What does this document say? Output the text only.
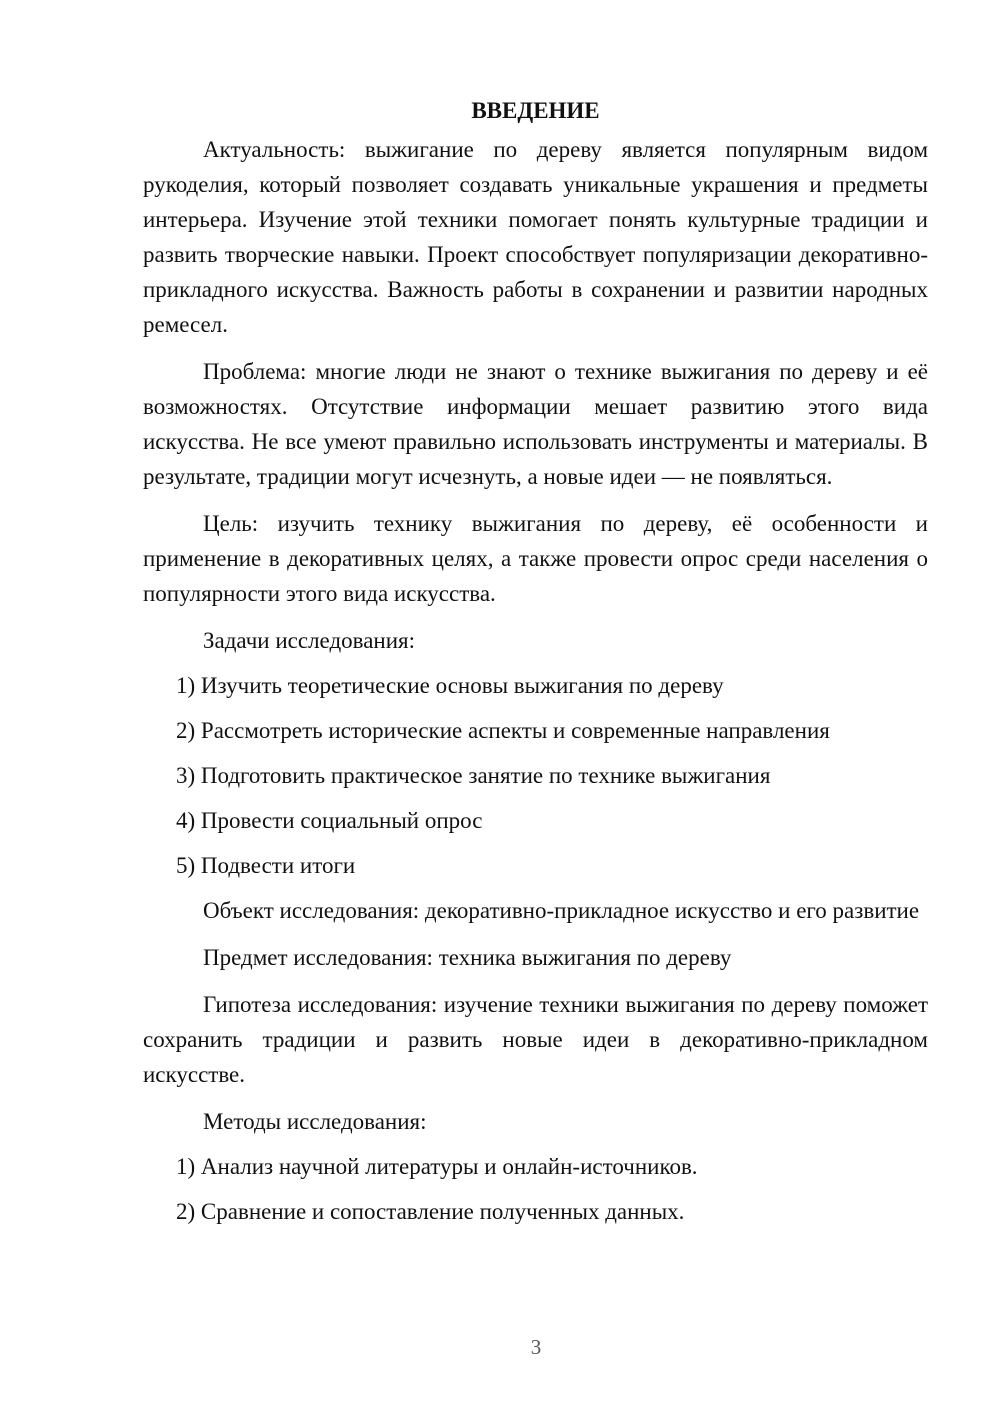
ВВЕДЕНИЕ

Актуальность: выжигание по дереву является популярным видом рукоделия, который позволяет создавать уникальные украшения и предметы интерьера. Изучение этой техники помогает понять культурные традиции и развить творческие навыки. Проект способствует популяризации декоративно-прикладного искусства. Важность работы в сохранении и развитии народных ремесел.

Проблема: многие люди не знают о технике выжигания по дереву и её возможностях. Отсутствие информации мешает развитию этого вида искусства. Не все умеют правильно использовать инструменты и материалы. В результате, традиции могут исчезнуть, а новые идеи — не появляться.

Цель: изучить технику выжигания по дереву, её особенности и применение в декоративных целях, а также провести опрос среди населения о популярности этого вида искусства.

Задачи исследования:

1) Изучить теоретические основы выжигания по дереву
2) Рассмотреть исторические аспекты и современные направления
3) Подготовить практическое занятие по технике выжигания
4) Провести социальный опрос
5) Подвести итоги

Объект исследования: декоративно-прикладное искусство и его развитие

Предмет исследования: техника выжигания по дереву

Гипотеза исследования: изучение техники выжигания по дереву поможет сохранить традиции и развить новые идеи в декоративно-прикладном искусстве.

Методы исследования:

1) Анализ научной литературы и онлайн-источников.
2) Сравнение и сопоставление полученных данных.
3
